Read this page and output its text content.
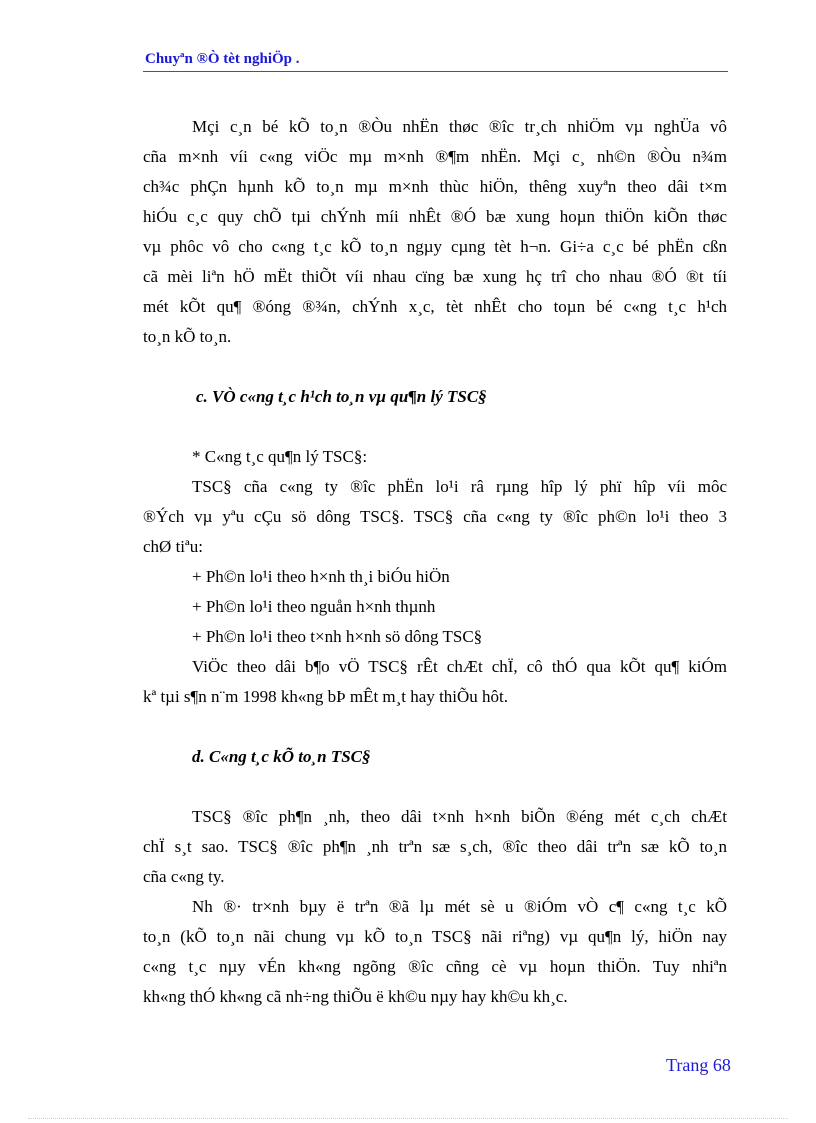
Chuyªn ®Ò tèt nghiÖp .
Mçi c¸n bé kÕ to¸n ®Òu nhËn thøc ®îc tr¸ch nhiÖm vµ nghÜa vô
cña m×nh víi c«ng viÖc mµ m×nh ®¶m nhËn. Mçi c¸ nh©n ®Òu n¾m
ch¾c phÇn hµnh kÕ to¸n mµ m×nh thùc hiÖn, thêng xuyªn theo dâi t×m
hiÓu c¸c quy chÕ tµi chÝnh míi nhÊt ®Ó bæ xung hoµn thiÖn kiÕn thøc
vµ phôc vô cho c«ng t¸c kÕ to¸n ngµy cµng tèt h¬n. Gi÷a c¸c bé phËn cßn
cã mèi liªn hÖ mËt thiÕt víi nhau cïng bæ xung hç trî cho nhau ®Ó ®t tíi
mét kÕt qu¶ ®óng ®¾n, chÝnh x¸c, tèt nhÊt cho toµn bé c«ng t¸c h¹ch
to¸n kÕ to¸n.
c. VÒ c«ng t¸c h¹ch to¸n vµ qu¶n lý TSC§
* C«ng t¸c qu¶n lý TSC§:
TSC§ cña c«ng ty ®îc phËn lo¹i râ rµng hîp lý phï hîp víi môc
®Ých vµ yªu cÇu sö dông TSC§. TSC§ cña c«ng ty ®îc ph©n lo¹i theo 3
chØ tiªu:
+ Ph©n lo¹i theo h×nh th¸i biÓu hiÖn
+ Ph©n lo¹i theo nguån h×nh thµnh
+ Ph©n lo¹i theo t×nh h×nh sö dông TSC§
ViÖc theo dâi b¶o vÖ TSC§ rÊt chÆt chÏ, cô thÓ qua kÕt qu¶ kiÓm
kª tµi s¶n n¨m 1998 kh«ng bÞ mÊt m¸t hay thiÕu hôt.
d. C«ng t¸c kÕ to¸n TSC§
TSC§ ®îc ph¶n ¸nh, theo dâi t×nh h×nh biÕn ®éng mét c¸ch chÆt
chÏ s¸t sao. TSC§ ®îc ph¶n ¸nh trªn sæ s¸ch, ®îc theo dâi trªn sæ kÕ to¸n
cña c«ng ty.
Nh ®· tr×nh bµy ë trªn ®ã lµ mét sè u ®iÓm vÒ c¶ c«ng t¸c kÕ
to¸n (kÕ to¸n nãi chung vµ kÕ to¸n TSC§ nãi riªng) vµ qu¶n lý, hiÖn nay
c«ng t¸c nµy vÉn kh«ng ngõng ®îc cñng cè vµ hoµn thiÖn. Tuy nhiªn
kh«ng thÓ kh«ng cã nh÷ng thiÕu ë kh©u nµy hay kh©u kh¸c.
Trang 68
